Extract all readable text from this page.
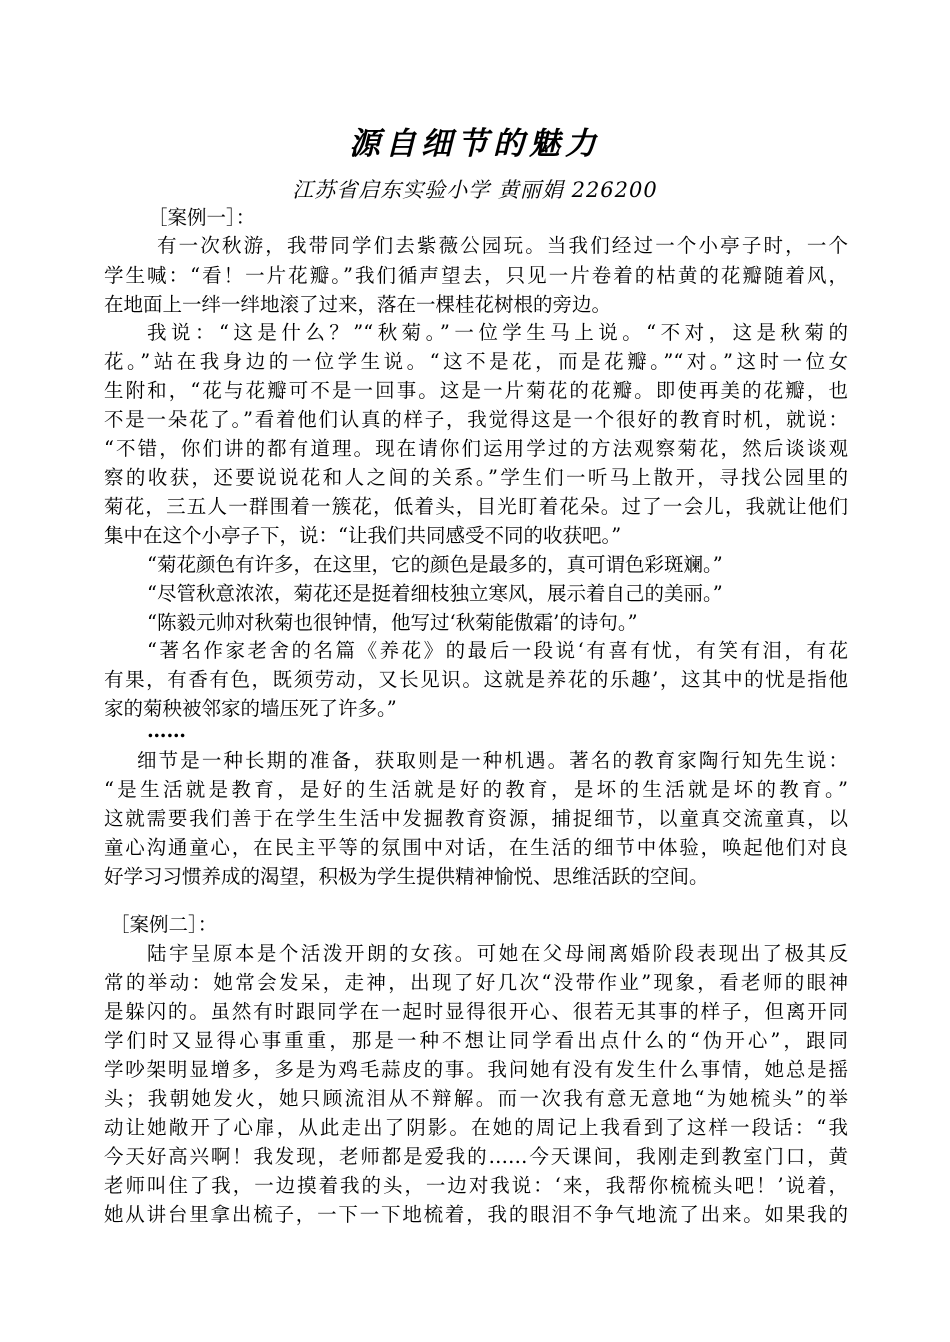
源自细节的魅力
江苏省启东实验小学 黄丽娟 226200
［案例一］：
有一次秋游，我带同学们去紫薇公园玩。当我们经过一个小亭子时，一个
学生喊：“看！一片花瓣。”我们循声望去，只见一片卷着的枯黄的花瓣随着风，
在地面上一绊一绊地滚了过来，落在一棵桂花树根的旁边。
我说：“这是什么？”“秋菊。”一位学生马上说。“不对，这是秋菊的
花。”站在我身边的一位学生说。“这不是花，而是花瓣。”“对。”这时一位女
生附和，“花与花瓣可不是一回事。这是一片菊花的花瓣。即使再美的花瓣，也
不是一朵花了。”看着他们认真的样子，我觉得这是一个很好的教育时机，就说：
“不错，你们讲的都有道理。现在请你们运用学过的方法观察菊花，然后谈谈观
察的收获，还要说说花和人之间的关系。”学生们一听马上散开，寻找公园里的
菊花，三五人一群围着一簇花，低着头，目光盯着花朵。过了一会儿，我就让他们
集中在这个小亭子下，说：“让我们共同感受不同的收获吧。”
“菊花颜色有许多，在这里，它的颜色是最多的，真可谓色彩斑斓。”
“尽管秋意浓浓，菊花还是挺着细枝独立寒风，展示着自己的美丽。”
“陈毅元帅对秋菊也很钟情，他写过‘秋菊能傲霜’的诗句。”
“著名作家老舍的名篇《养花》的最后一段说‘有喜有忧，有笑有泪，有花
有果，有香有色，既须劳动，又长见识。这就是养花的乐趣’，这其中的忧是指他
家的菊秧被邻家的墙压死了许多。”
……
细节是一种长期的准备，获取则是一种机遇。著名的教育家陶行知先生说：
“是生活就是教育，是好的生活就是好的教育，是坏的生活就是坏的教育。”
这就需要我们善于在学生生活中发掘教育资源，捕捉细节，以童真交流童真，以
童心沟通童心，在民主平等的氛围中对话，在生活的细节中体验，唤起他们对良
好学习习惯养成的渴望，积极为学生提供精神愉悦、思维活跃的空间。
［案例二］：
陆宇呈原本是个活泼开朗的女孩。可她在父母闹离婚阶段表现出了极其反
常的举动：她常会发呆，走神，出现了好几次“没带作业”现象，看老师的眼神
是躲闪的。虽然有时跟同学在一起时显得很开心、很若无其事的样子，但离开同
学们时又显得心事重重，那是一种不想让同学看出点什么的“伪开心”，跟同
学吵架明显增多，多是为鸡毛蒜皮的事。我问她有没有发生什么事情，她总是摇
头；我朝她发火，她只顾流泪从不辩解。而一次我有意无意地“为她梳头”的举
动让她敞开了心扉，从此走出了阴影。在她的周记上我看到了这样一段话：“我
今天好高兴啊！我发现，老师都是爱我的……今天课间，我刚走到教室门口，黄
老师叫住了我，一边摸着我的头，一边对我说：‘来，我帮你梳梳头吧！’说着，
她从讲台里拿出梳子，一下一下地梳着，我的眼泪不争气地流了出来。如果我的
